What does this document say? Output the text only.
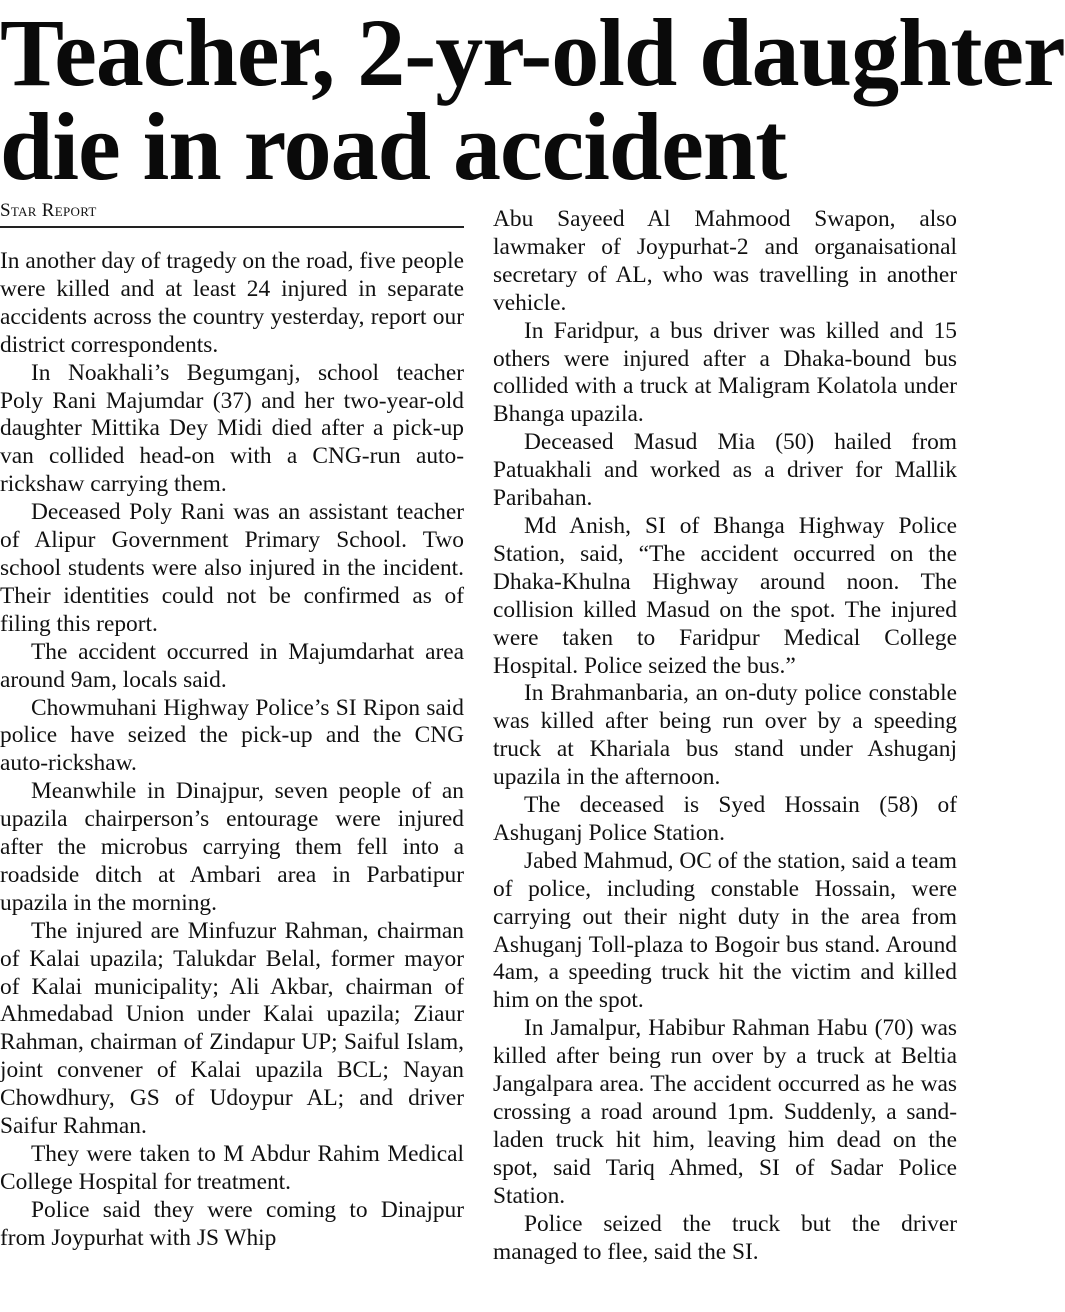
Teacher, 2-yr-old daughter
die in road accident
Star Report

In another day of tragedy on the road, five people were killed and at least 24 injured in separate accidents across the country yesterday, report our district correspondents.

In Noakhali’s Begumganj, school teacher Poly Rani Majumdar (37) and her two-year-old daughter Mittika Dey Midi died after a pick-up van collided head-on with a CNG-run auto-rickshaw carrying them.

Deceased Poly Rani was an assistant teacher of Alipur Government Primary School. Two school students were also injured in the incident. Their identities could not be confirmed as of filing this report.

The accident occurred in Majumdarhat area around 9am, locals said.

Chowmuhani Highway Police’s SI Ripon said police have seized the pick-up and the CNG auto-rickshaw.

Meanwhile in Dinajpur, seven people of an upazila chairperson’s entourage were injured after the microbus carrying them fell into a roadside ditch at Ambari area in Parbatipur upazila in the morning.

The injured are Minfuzur Rahman, chairman of Kalai upazila; Talukdar Belal, former mayor of Kalai municipality; Ali Akbar, chairman of Ahmedabad Union under Kalai upazila; Ziaur Rahman, chairman of Zindapur UP; Saiful Islam, joint convener of Kalai upazila BCL; Nayan Chowdhury, GS of Udoypur AL; and driver Saifur Rahman.

They were taken to M Abdur Rahim Medical College Hospital for treatment.

Police said they were coming to Dinajpur from Joypurhat with JS Whip

Abu Sayeed Al Mahmood Swapon, also lawmaker of Joypurhat-2 and organaisational secretary of AL, who was travelling in another vehicle.

In Faridpur, a bus driver was killed and 15 others were injured after a Dhaka-bound bus collided with a truck at Maligram Kolatola under Bhanga upazila.

Deceased Masud Mia (50) hailed from Patuakhali and worked as a driver for Mallik Paribahan.

Md Anish, SI of Bhanga Highway Police Station, said, “The accident occurred on the Dhaka-Khulna Highway around noon. The collision killed Masud on the spot. The injured were taken to Faridpur Medical College Hospital. Police seized the bus.”

In Brahmanbaria, an on-duty police constable was killed after being run over by a speeding truck at Khariala bus stand under Ashuganj upazila in the afternoon.

The deceased is Syed Hossain (58) of Ashuganj Police Station.

Jabed Mahmud, OC of the station, said a team of police, including constable Hossain, were carrying out their night duty in the area from Ashuganj Toll-plaza to Bogoir bus stand. Around 4am, a speeding truck hit the victim and killed him on the spot.

In Jamalpur, Habibur Rahman Habu (70) was killed after being run over by a truck at Beltia Jangalpara area. The accident occurred as he was crossing a road around 1pm. Suddenly, a sand-laden truck hit him, leaving him dead on the spot, said Tariq Ahmed, SI of Sadar Police Station.

Police seized the truck but the driver managed to flee, said the SI.
